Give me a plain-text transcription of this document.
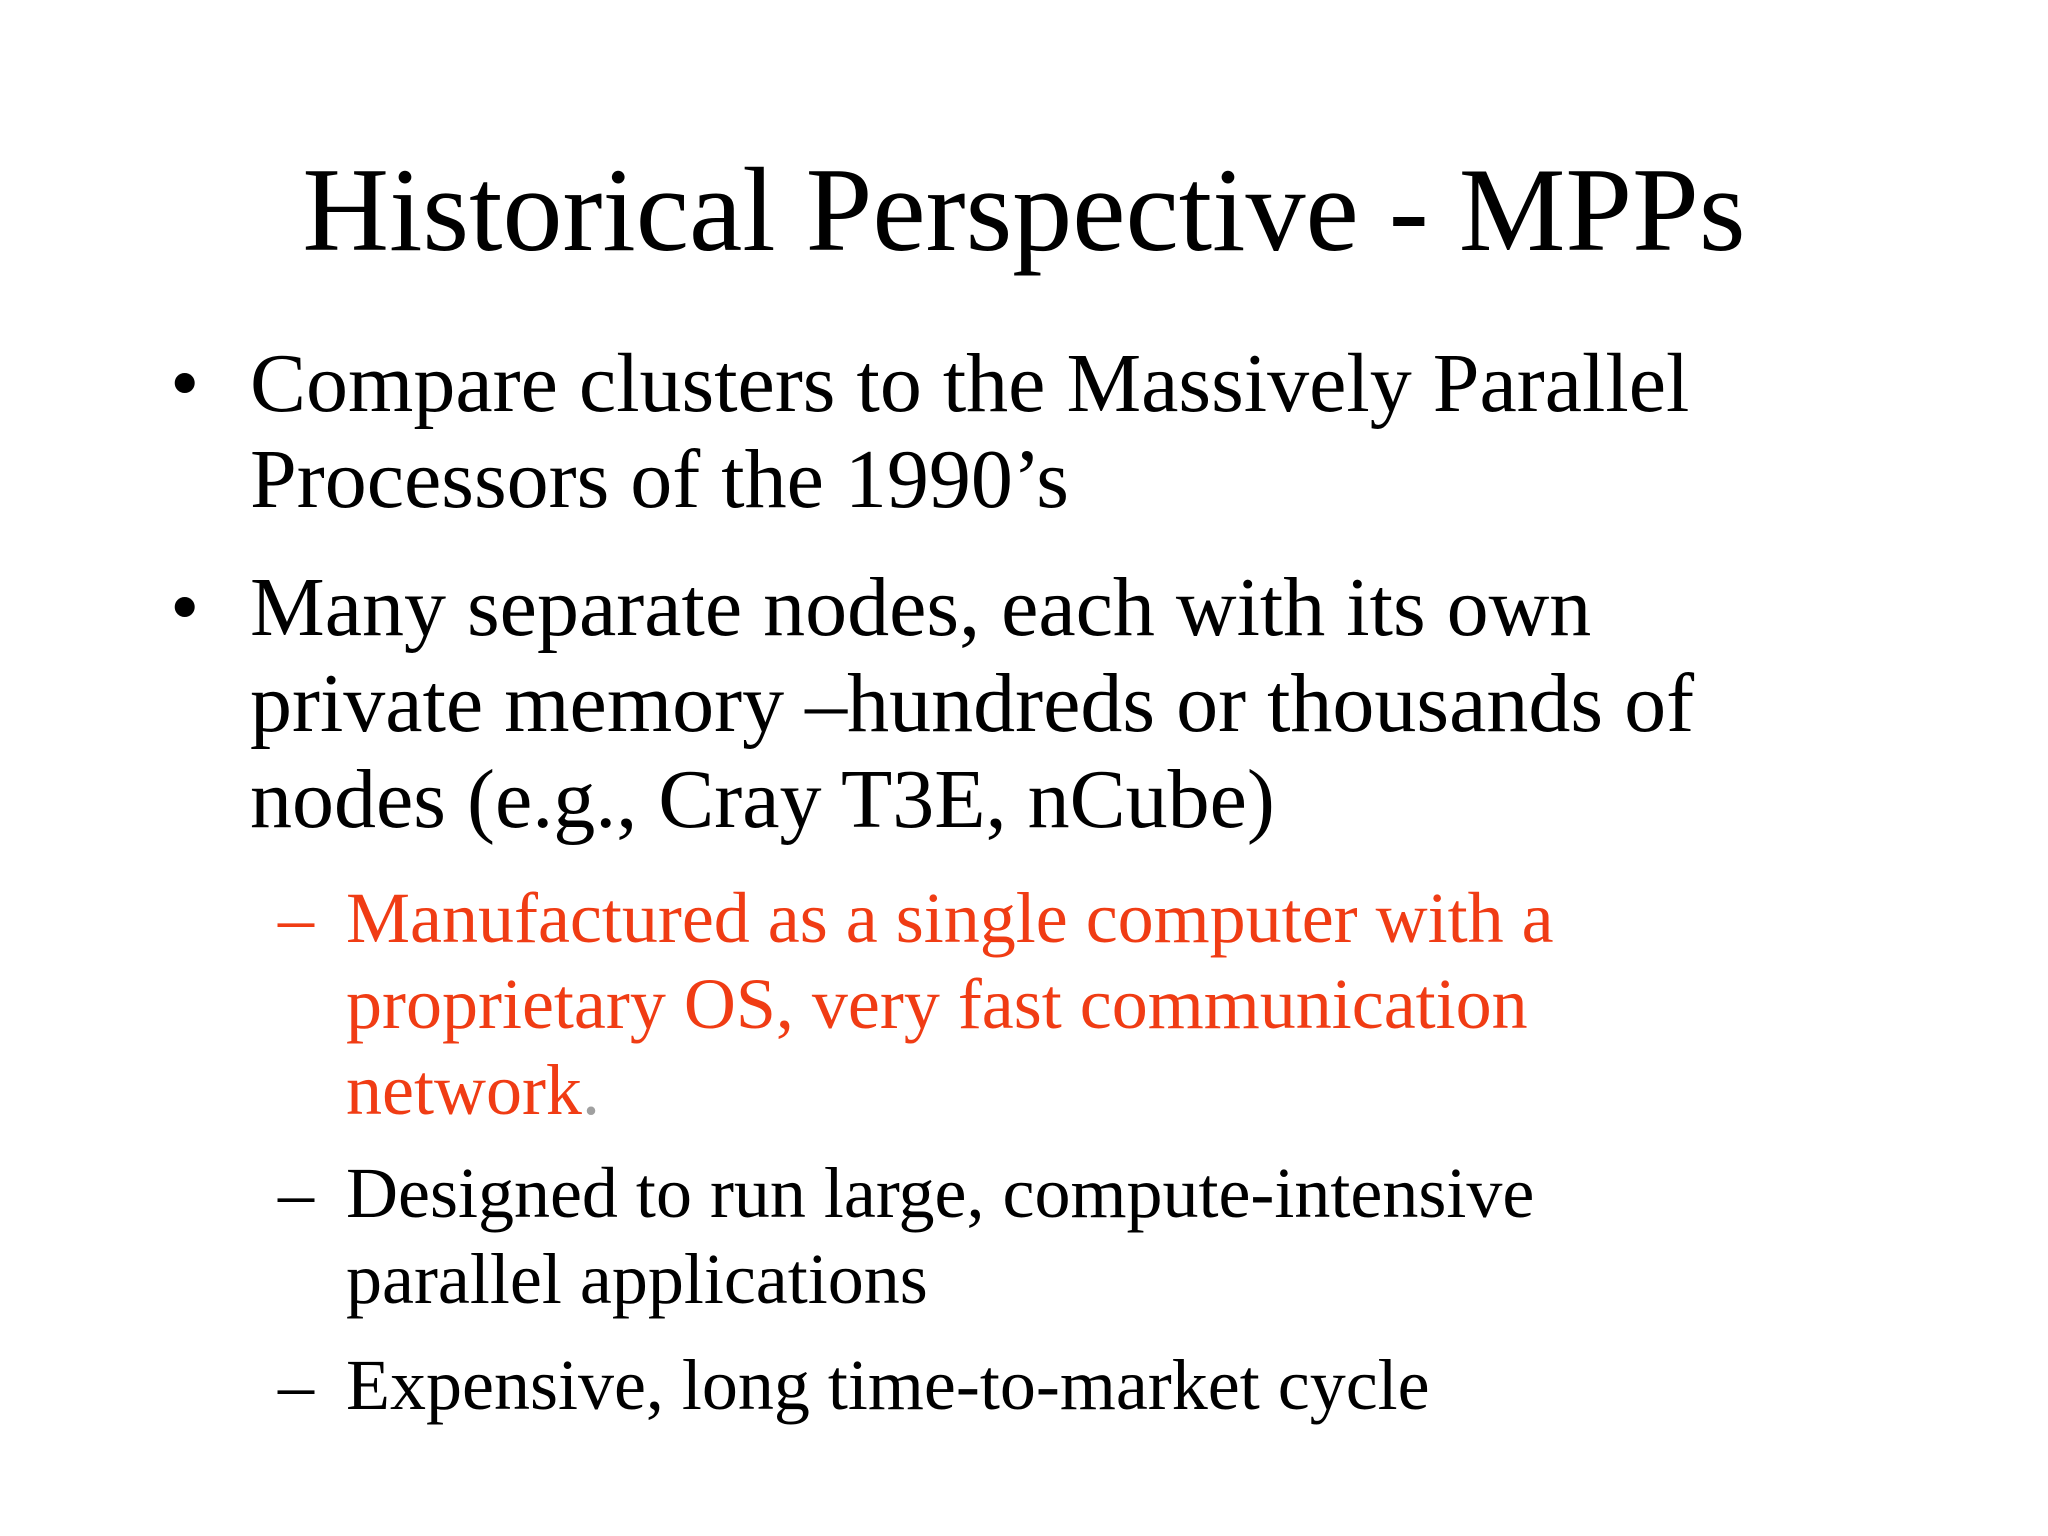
Historical Perspective - MPPs
• Compare clusters to the Massively Parallel
Processors of the 1990’s
• Many separate nodes, each with its own
private memory –hundreds or thousands of
nodes (e.g., Cray T3E, nCube)
– Manufactured as a single computer with a
proprietary OS, very fast communication
network.
– Designed to run large, compute-intensive
parallel applications
– Expensive, long time-to-market cycle
